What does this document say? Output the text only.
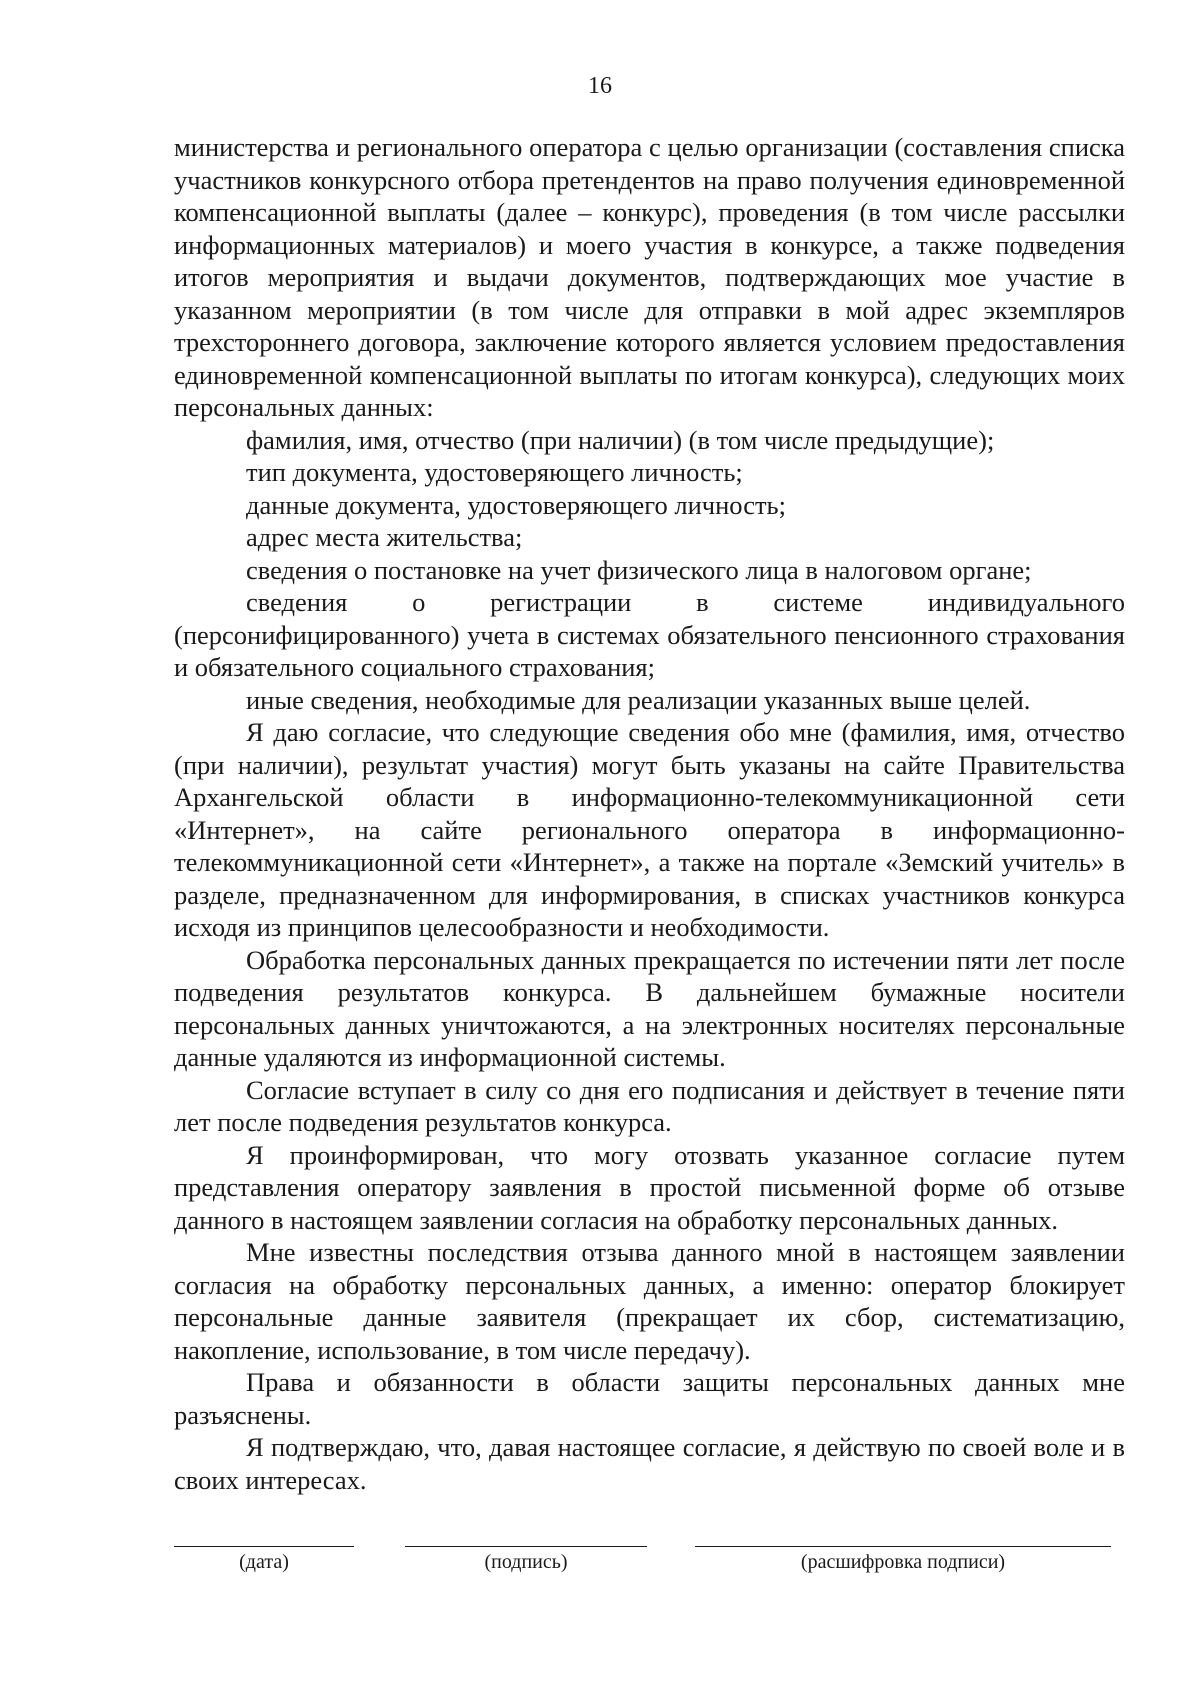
16

министерства и регионального оператора с целью организации (составления списка участников конкурсного отбора претендентов на право получения единовременной компенсационной выплаты (далее – конкурс), проведения (в том числе рассылки информационных материалов) и моего участия в конкурсе, а также подведения итогов мероприятия и выдачи документов, подтверждающих мое участие в указанном мероприятии (в том числе для отправки в мой адрес экземпляров трехстороннего договора, заключение которого является условием предоставления единовременной компенсационной выплаты по итогам конкурса), следующих моих персональных данных:

фамилия, имя, отчество (при наличии) (в том числе предыдущие);

тип документа, удостоверяющего личность;

данные документа, удостоверяющего личность;

адрес места жительства;

сведения о постановке на учет физического лица в налоговом органе;

сведения о регистрации в системе индивидуального (персонифицированного) учета в системах обязательного пенсионного страхования и обязательного социального страхования;

иные сведения, необходимые для реализации указанных выше целей.

Я даю согласие, что следующие сведения обо мне (фамилия, имя, отчество (при наличии), результат участия) могут быть указаны на сайте Правительства Архангельской области в информационно-телекоммуникационной сети «Интернет», на сайте регионального оператора в информационно-телекоммуникационной сети «Интернет», а также на портале «Земский учитель» в разделе, предназначенном для информирования, в списках участников конкурса исходя из принципов целесообразности и необходимости.

Обработка персональных данных прекращается по истечении пяти лет после подведения результатов конкурса. В дальнейшем бумажные носители персональных данных уничтожаются, а на электронных носителях персональные данные удаляются из информационной системы.

Согласие вступает в силу со дня его подписания и действует в течение пяти лет после подведения результатов конкурса.

Я проинформирован, что могу отозвать указанное согласие путем представления оператору заявления в простой письменной форме об отзыве данного в настоящем заявлении согласия на обработку персональных данных.

Мне известны последствия отзыва данного мной в настоящем заявлении согласия на обработку персональных данных, а именно: оператор блокирует персональные данные заявителя (прекращает их сбор, систематизацию, накопление, использование, в том числе передачу).

Права и обязанности в области защиты персональных данных мне разъяснены.

Я подтверждаю, что, давая настоящее согласие, я действую по своей воле и в своих интересах.

(дата)	(подпись)	(расшифровка подписи)
